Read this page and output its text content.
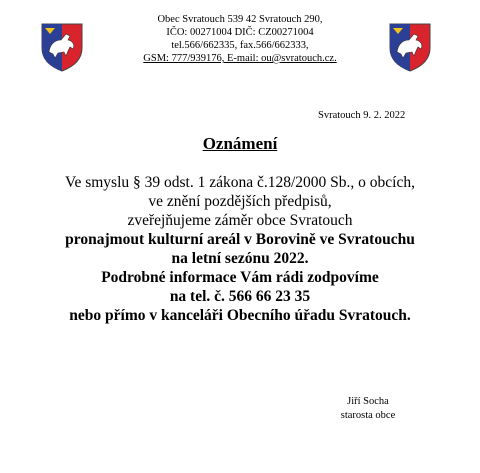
Obec Svratouch 539 42 Svratouch 290,
IČO: 00271004 DIČ: CZ00271004
tel.566/662335, fax.566/662333,
GSM: 777/939176, E-mail: ou@svratouch.cz.
Svratouch 9. 2. 2022
Oznámení
Ve smyslu § 39 odst. 1 zákona č.128/2000 Sb., o obcích,
ve znění pozdějších předpisů,
zveřejňujeme záměr obce Svratouch
pronajmout kulturní areál v Borovině ve Svratouchu
na letní sezónu 2022.
Podrobné informace Vám rádi zodpovíme
na tel. č. 566 66 23 35
nebo přímo v kanceláři Obecního úřadu Svratouch.
Jiří Socha
starosta obce
